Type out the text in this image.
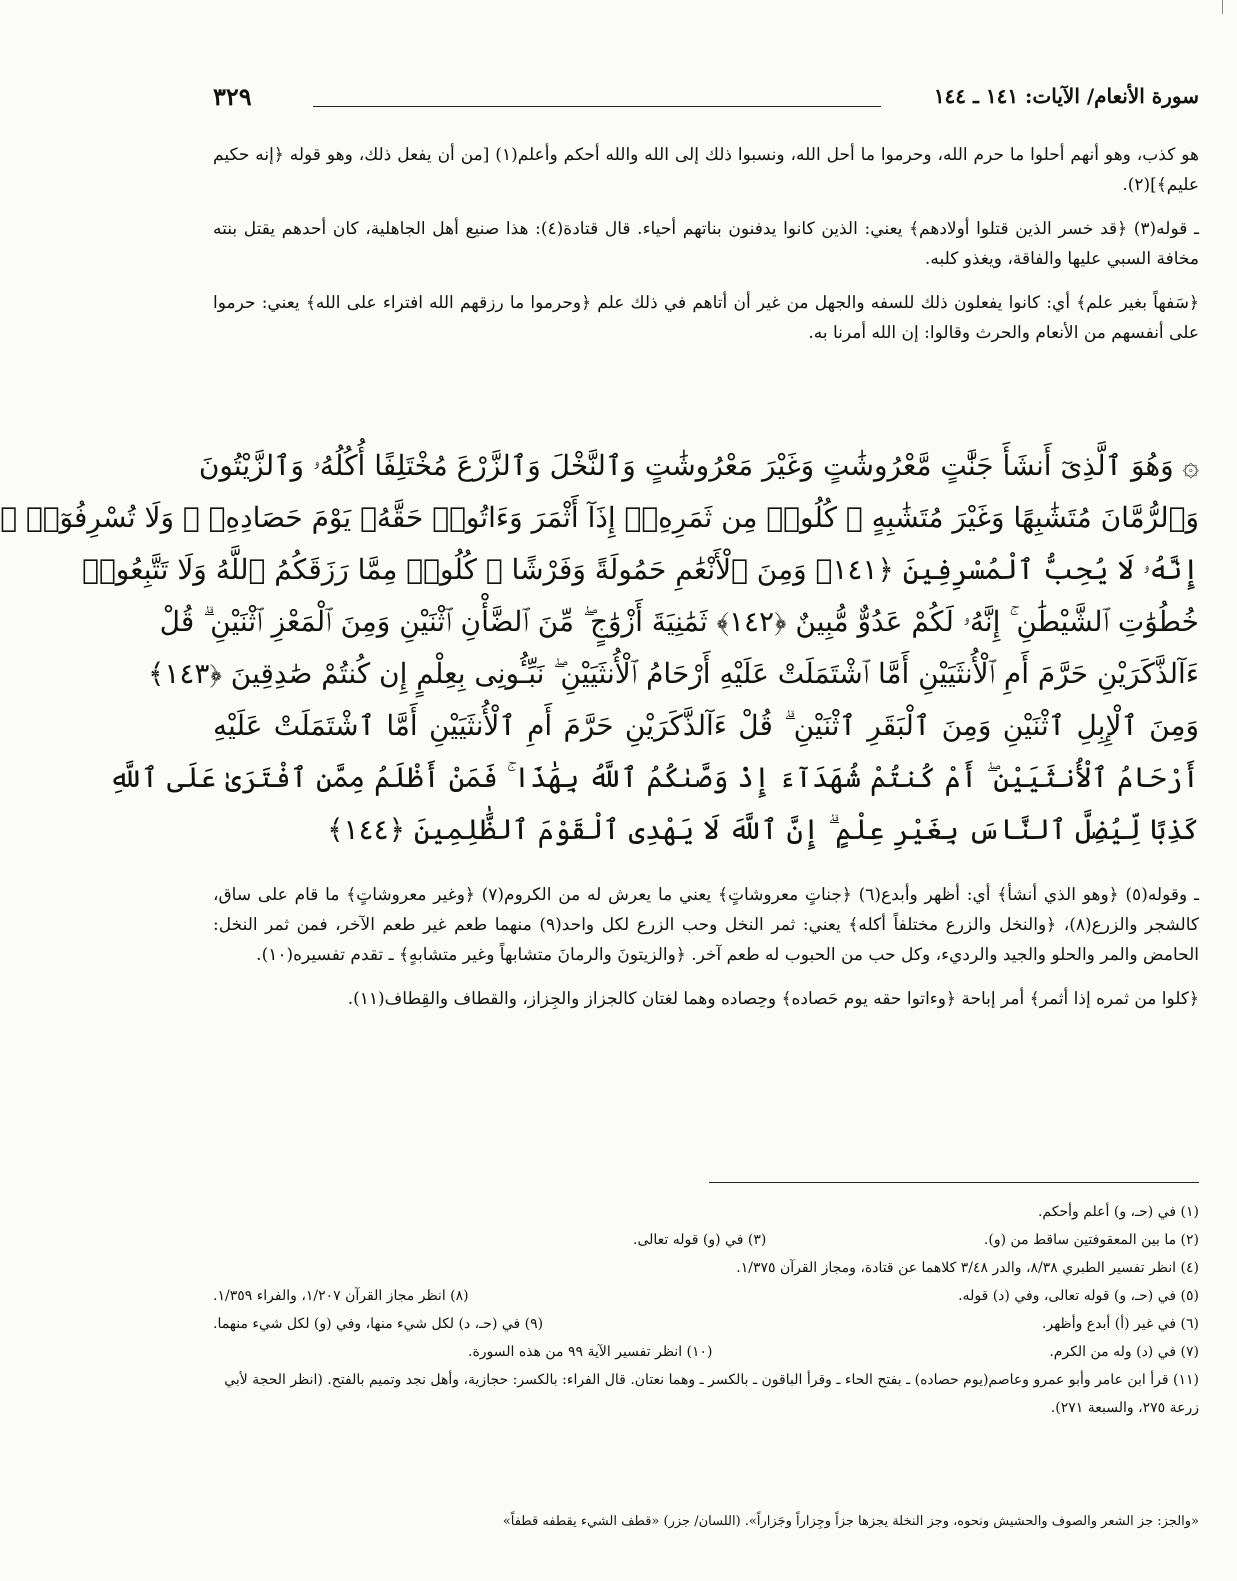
سورة الأنعام/ الآيات: ١٤١ ـ ١٤٤
٣٢٩

هو كذب، وهو أنهم أحلوا ما حرم الله، وحرموا ما أحل الله، ونسبوا ذلك إلى الله والله أحكم وأعلم(١) [من أن يفعل ذلك، وهو قوله ﴿إنه حكيم عليم﴾](٢).

ـ قوله(٣) ﴿قد خسر الذين قتلوا أولادهم﴾ يعني: الذين كانوا يدفنون بناتهم أحياء. قال قتادة(٤): هذا صنيع أهل الجاهلية، كان أحدهم يقتل بنته مخافة السبي عليها والفاقة، ويغذو كلبه.

﴿سَفهاً بغير علم﴾ أي: كانوا يفعلون ذلك للسفه والجهل من غير أن أتاهم في ذلك علم ﴿وحرموا ما رزقهم الله افتراء على الله﴾ يعني: حرموا على أنفسهم من الأنعام والحرث وقالوا: إن الله أمرنا به.

۞ وَهُوَ ٱلَّذِىٓ أَنشَأَ جَنَّٰتٍ مَّعْرُوشَٰتٍ وَغَيْرَ مَعْرُوشَٰتٍ وَٱلنَّخْلَ وَٱلزَّرْعَ مُخْتَلِفًا أُكُلُهُۥ وَٱلزَّيْتُونَ
وَٱلرُّمَّانَ مُتَشَٰبِهًا وَغَيْرَ مُتَشَٰبِهٍ ۚ كُلُوا۟ مِن ثَمَرِهِۦٓ إِذَآ أَثْمَرَ وَءَاتُوا۟ حَقَّهُۥ يَوْمَ حَصَادِهِۦ ۖ وَلَا تُسْرِفُوٓا۟ ۚ
إِنَّهُۥ لَا يُحِبُّ ٱلْمُسْرِفِينَ ﴿١٤١﴾ وَمِنَ ٱلْأَنْعَٰمِ حَمُولَةً وَفَرْشًا ۚ كُلُوا۟ مِمَّا رَزَقَكُمُ ٱللَّهُ وَلَا تَتَّبِعُوا۟
خُطُوَٰتِ ٱلشَّيْطَٰنِ ۚ إِنَّهُۥ لَكُمْ عَدُوٌّ مُّبِينٌ ﴿١٤٢﴾ ثَمَٰنِيَةَ أَزْوَٰجٍ ۖ مِّنَ ٱلضَّأْنِ ٱثْنَيْنِ وَمِنَ ٱلْمَعْزِ ٱثْنَيْنِ ۗ قُلْ
ءَآلذَّكَرَيْنِ حَرَّمَ أَمِ ٱلْأُنثَيَيْنِ أَمَّا ٱشْتَمَلَتْ عَلَيْهِ أَرْحَامُ ٱلْأُنثَيَيْنِ ۖ نَبِّـُٔونِى بِعِلْمٍ إِن كُنتُمْ صَٰدِقِينَ ﴿١٤٣﴾
وَمِنَ ٱلْإِبِلِ ٱثْنَيْنِ وَمِنَ ٱلْبَقَرِ ٱثْنَيْنِ ۗ قُلْ ءَآلذَّكَرَيْنِ حَرَّمَ أَمِ ٱلْأُنثَيَيْنِ أَمَّا ٱشْتَمَلَتْ عَلَيْهِ
أَرْحَامُ ٱلْأُنثَيَيْنِ ۖ أَمْ كُنتُمْ شُهَدَآءَ إِذْ وَصَّىٰكُمُ ٱللَّهُ بِهَٰذَا ۚ فَمَنْ أَظْلَمُ مِمَّنِ ٱفْتَرَىٰ عَلَى ٱللَّهِ
كَذِبًا لِّيُضِلَّ ٱلنَّاسَ بِغَيْرِ عِلْمٍ ۗ إِنَّ ٱللَّهَ لَا يَهْدِى ٱلْقَوْمَ ٱلظَّٰلِمِينَ ﴿١٤٤﴾

ـ وقوله(٥) ﴿وهو الذي أنشأ﴾ أي: أظهر وأبدع(٦) ﴿جناتٍ معروشاتٍ﴾ يعني ما يعرش له من الكروم(٧) ﴿وغير معروشاتٍ﴾ ما قام على ساق، كالشجر والزرع(٨)، ﴿والنخل والزرع مختلفاً أكله﴾ يعني: ثمر النخل وحب الزرع لكل واحد(٩) منهما طعم غير طعم الآخر، فمن ثمر النخل: الحامض والمر والحلو والجيد والرديء، وكل حب من الحبوب له طعم آخر. ﴿والزيتونَ والرمانَ متشابهاً وغير متشابهٍ﴾ ـ تقدم تفسيره(١٠).

﴿كلوا من ثمره إذا أثمر﴾ أمر إباحة ﴿وءاتوا حقه يوم حَصاده﴾ وحِصاده وهما لغتان كالجزاز والجِزاز، والقطاف والقِطاف(١١).

(١) في (حـ، و) أعلم وأحكم.
(٢) ما بين المعقوفتين ساقط من (و).
(٣) في (و) قوله تعالى.
(٤) انظر تفسير الطبري ٨/٣٨، والدر ٣/٤٨ كلاهما عن قتادة، ومجاز القرآن ١/٣٧٥.
(٥) في (حـ، و) قوله تعالى، وفي (د) قوله.
(٨) انظر مجاز القرآن ١/٢٠٧، والفراء ١/٣٥٩.
(٦) في غير (أ) أبدع وأظهر.
(٩) في (حـ، د) لكل شيء منها، وفي (و) لكل شيء منهما.
(٧) في (د) وله من الكرم.
(١٠) انظر تفسير الآية ٩٩ من هذه السورة.
(١١) قرأ ابن عامر وأبو عمرو وعاصم(يوم حصاده) ـ بفتح الحاء ـ وقرأ الباقون ـ بالكسر ـ وهما نعتان. قال الفراء: بالكسر: حجازية، وأهل نجد وتميم بالفتح. (انظر الحجة لأبي زرعة ٢٧٥، والسبعة ٢٧١).
«والجز: جز الشعر والصوف والحشيش ونحوه، وجز النخلة يجزها جزاً وجِزاراً وجَزاراً». (اللسان/ جزر) «قطف الشيء يقطفه قطفاً»
